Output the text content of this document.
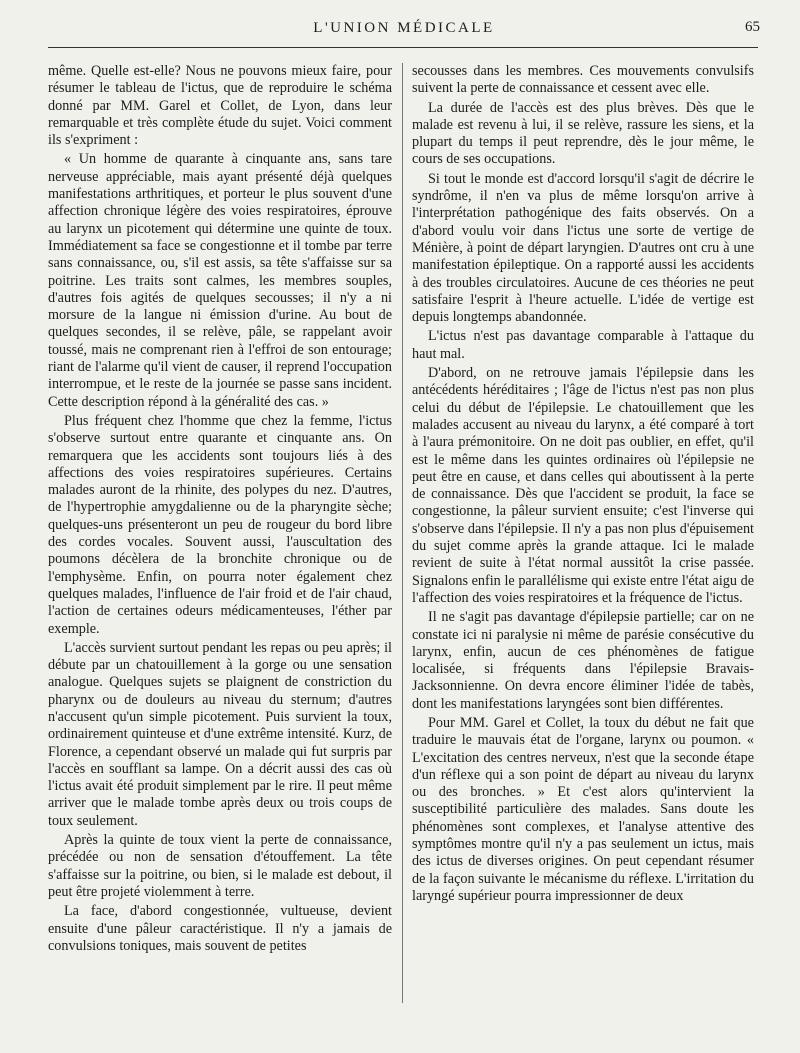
L'UNION MÉDICALE	65

même. Quelle est-elle? Nous ne pouvons mieux faire, pour résumer le tableau de l'ictus, que de reproduire le schéma donné par MM. Garel et Collet, de Lyon, dans leur remarquable et très complète étude du sujet. Voici comment ils s'expriment :

« Un homme de quarante à cinquante ans, sans tare nerveuse appréciable, mais ayant présenté déjà quelques manifestations arthritiques, et porteur le plus souvent d'une affection chronique légère des voies respiratoires, éprouve au larynx un picotement qui détermine une quinte de toux. Immédiatement sa face se congestionne et il tombe par terre sans connaissance, ou, s'il est assis, sa tête s'affaisse sur sa poitrine. Les traits sont calmes, les membres souples, d'autres fois agités de quelques secousses; il n'y a ni morsure de la langue ni émission d'urine. Au bout de quelques secondes, il se relève, pâle, se rappelant avoir toussé, mais ne comprenant rien à l'effroi de son entourage; riant de l'alarme qu'il vient de causer, il reprend l'occupation interrompue, et le reste de la journée se passe sans incident. Cette description répond à la généralité des cas. »

Plus fréquent chez l'homme que chez la femme, l'ictus s'observe surtout entre quarante et cinquante ans. On remarquera que les accidents sont toujours liés à des affections des voies respiratoires supérieures. Certains malades auront de la rhinite, des polypes du nez. D'autres, de l'hypertrophie amygdalienne ou de la pharyngite sèche; quelques-uns présenteront un peu de rougeur du bord libre des cordes vocales. Souvent aussi, l'auscultation des poumons décèlera de la bronchite chronique ou de l'emphysème. Enfin, on pourra noter également chez quelques malades, l'influence de l'air froid et de l'air chaud, l'action de certaines odeurs médicamenteuses, l'éther par exemple.

L'accès survient surtout pendant les repas ou peu après; il débute par un chatouillement à la gorge ou une sensation analogue. Quelques sujets se plaignent de constriction du pharynx ou de douleurs au niveau du sternum; d'autres n'accusent qu'un simple picotement. Puis survient la toux, ordinairement quinteuse et d'une extrême intensité. Kurz, de Florence, a cependant observé un malade qui fut surpris par l'accès en soufflant sa lampe. On a décrit aussi des cas où l'ictus avait été produit simplement par le rire. Il peut même arriver que le malade tombe après deux ou trois coups de toux seulement.

Après la quinte de toux vient la perte de connaissance, précédée ou non de sensation d'étouffement. La tête s'affaisse sur la poitrine, ou bien, si le malade est debout, il peut être projeté violemment à terre.

La face, d'abord congestionnée, vultueuse, devient ensuite d'une pâleur caractéristique. Il n'y a jamais de convulsions toniques, mais souvent de petites

secousses dans les membres. Ces mouvements convulsifs suivent la perte de connaissance et cessent avec elle.

La durée de l'accès est des plus brèves. Dès que le malade est revenu à lui, il se relève, rassure les siens, et la plupart du temps il peut reprendre, dès le jour même, le cours de ses occupations.

Si tout le monde est d'accord lorsqu'il s'agit de décrire le syndrôme, il n'en va plus de même lorsqu'on arrive à l'interprétation pathogénique des faits observés. On a d'abord voulu voir dans l'ictus une sorte de vertige de Ménière, à point de départ laryngien. D'autres ont cru à une manifestation épileptique. On a rapporté aussi les accidents à des troubles circulatoires. Aucune de ces théories ne peut satisfaire l'esprit à l'heure actuelle. L'idée de vertige est depuis longtemps abandonnée.

L'ictus n'est pas davantage comparable à l'attaque du haut mal.

D'abord, on ne retrouve jamais l'épilepsie dans les antécédents héréditaires ; l'âge de l'ictus n'est pas non plus celui du début de l'épilepsie. Le chatouillement que les malades accusent au niveau du larynx, a été comparé à tort à l'aura prémonitoire. On ne doit pas oublier, en effet, qu'il est le même dans les quintes ordinaires où l'épilepsie ne peut être en cause, et dans celles qui aboutissent à la perte de connaissance. Dès que l'accident se produit, la face se congestionne, la pâleur survient ensuite; c'est l'inverse qui s'observe dans l'épilepsie. Il n'y a pas non plus d'épuisement du sujet comme après la grande attaque. Ici le malade revient de suite à l'état normal aussitôt la crise passée. Signalons enfin le parallélisme qui existe entre l'état aigu de l'affection des voies respiratoires et la fréquence de l'ictus.

Il ne s'agit pas davantage d'épilepsie partielle; car on ne constate ici ni paralysie ni même de parésie consécutive du larynx, enfin, aucun de ces phénomènes de fatigue localisée, si fréquents dans l'épilepsie Bravais-Jacksonnienne. On devra encore éliminer l'idée de tabès, dont les manifestations laryngées sont bien différentes.

Pour MM. Garel et Collet, la toux du début ne fait que traduire le mauvais état de l'organe, larynx ou poumon. « L'excitation des centres nerveux, n'est que la seconde étape d'un réflexe qui a son point de départ au niveau du larynx ou des bronches. » Et c'est alors qu'intervient la susceptibilité particulière des malades. Sans doute les phénomènes sont complexes, et l'analyse attentive des symptômes montre qu'il n'y a pas seulement un ictus, mais des ictus de diverses origines. On peut cependant résumer de la façon suivante le mécanisme du réflexe. L'irritation du laryngé supérieur pourra impressionner de deux
